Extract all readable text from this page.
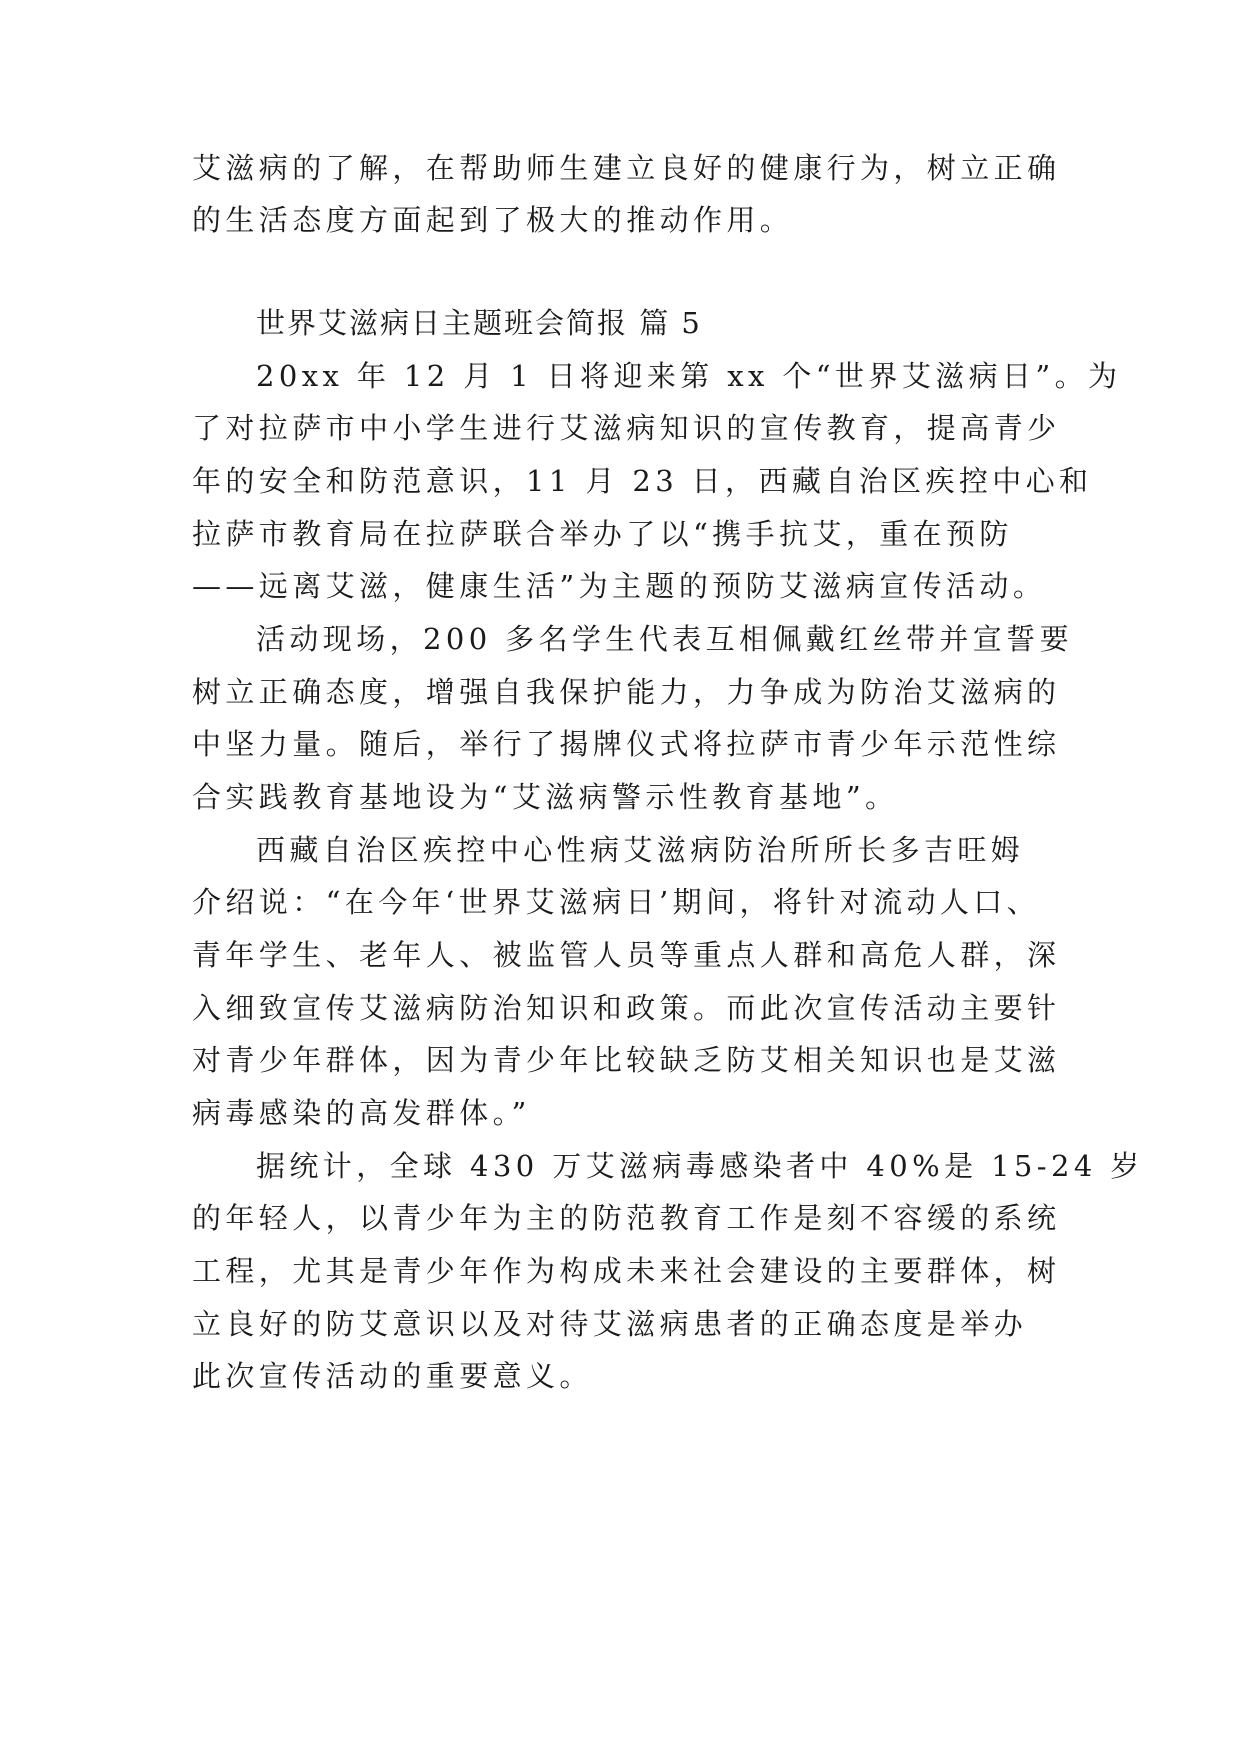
艾滋病的了解，在帮助师生建立良好的健康行为，树立正确
的生活态度方面起到了极大的推动作用。
世界艾滋病日主题班会简报 篇 5
20xx 年 12 月 1 日将迎来第 xx 个“世界艾滋病日”。为
了对拉萨市中小学生进行艾滋病知识的宣传教育，提高青少
年的安全和防范意识，11 月 23 日，西藏自治区疾控中心和
拉萨市教育局在拉萨联合举办了以“携手抗艾，重在预防
——远离艾滋，健康生活”为主题的预防艾滋病宣传活动。
活动现场，200 多名学生代表互相佩戴红丝带并宣誓要
树立正确态度，增强自我保护能力，力争成为防治艾滋病的
中坚力量。随后，举行了揭牌仪式将拉萨市青少年示范性综
合实践教育基地设为“艾滋病警示性教育基地”。
西藏自治区疾控中心性病艾滋病防治所所长多吉旺姆
介绍说：“在今年‘世界艾滋病日’期间，将针对流动人口、
青年学生、老年人、被监管人员等重点人群和高危人群，深
入细致宣传艾滋病防治知识和政策。而此次宣传活动主要针
对青少年群体，因为青少年比较缺乏防艾相关知识也是艾滋
病毒感染的高发群体。”
据统计，全球 430 万艾滋病毒感染者中 40%是 15-24 岁
的年轻人，以青少年为主的防范教育工作是刻不容缓的系统
工程，尤其是青少年作为构成未来社会建设的主要群体，树
立良好的防艾意识以及对待艾滋病患者的正确态度是举办
此次宣传活动的重要意义。
